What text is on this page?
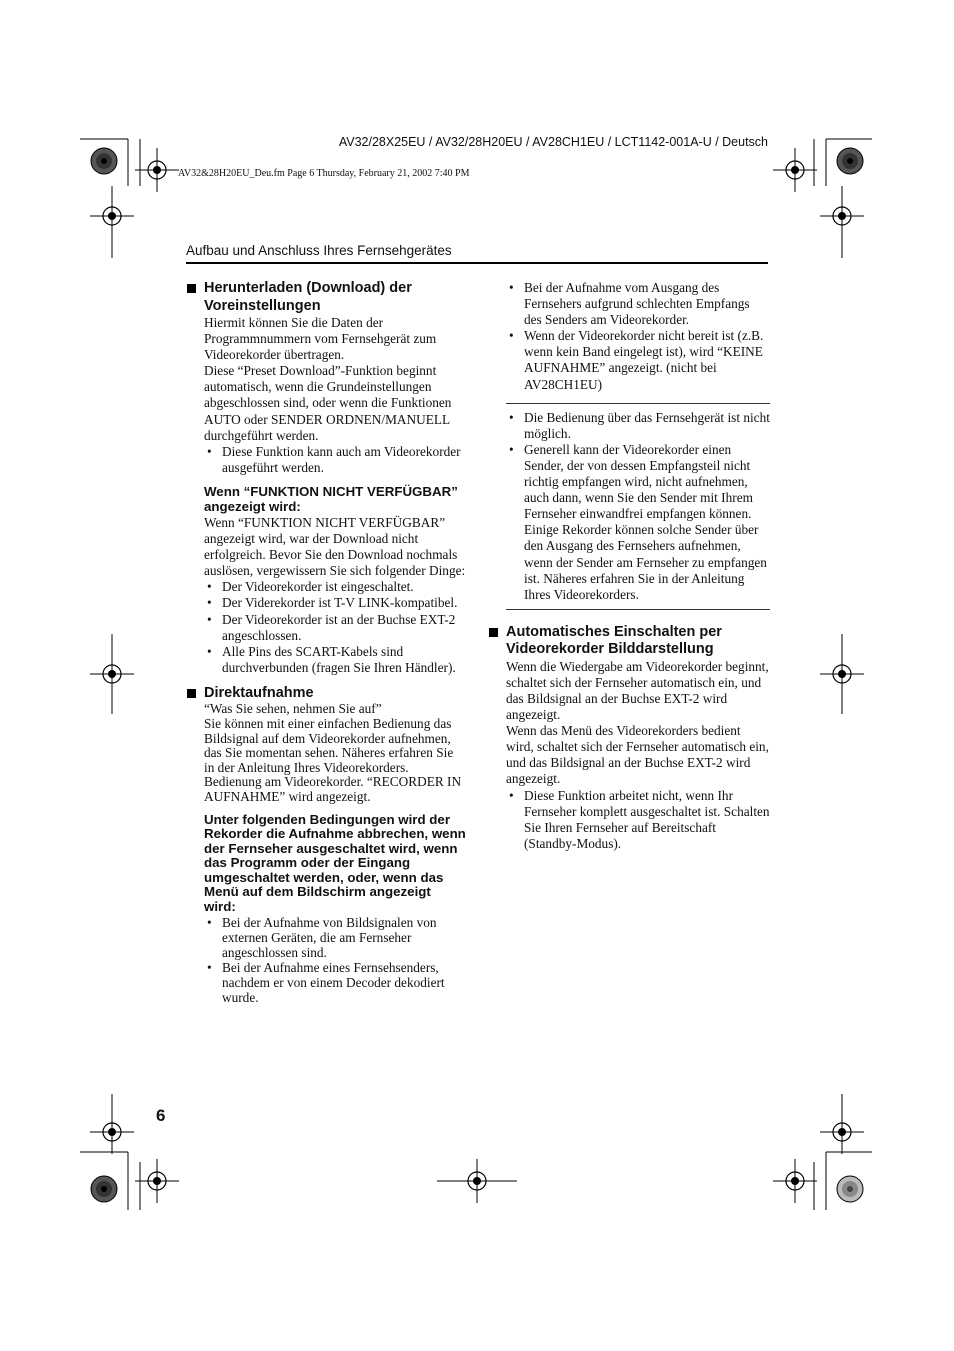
AV32/28X25EU / AV32/28H20EU / AV28CH1EU / LCT1142-001A-U / Deutsch
AV32&28H20EU_Deu.fm Page 6 Thursday, February 21, 2002 7:40 PM
Aufbau und Anschluss Ihres Fernsehgerätes
Herunterladen (Download) der Voreinstellungen

Hiermit können Sie die Daten der Programmnummern vom Fernsehgerät zum Videorekorder übertragen.
Diese “Preset Download”-Funktion beginnt automatisch, wenn die Grundeinstellungen abgeschlossen sind, oder wenn die Funktionen AUTO oder SENDER ORDNEN/MANUELL durchgeführt werden.

• Diese Funktion kann auch am Videorekorder ausgeführt werden.
Wenn “FUNKTION NICHT VERFÜGBAR” angezeigt wird:

Wenn “FUNKTION NICHT VERFÜGBAR” angezeigt wird, war der Download nicht erfolgreich. Bevor Sie den Download nochmals auslösen, vergewissern Sie sich folgender Dinge:

• Der Videorekorder ist eingeschaltet.
• Der Viderekorder ist T-V LINK-kompatibel.
• Der Videorekorder ist an der Buchse EXT-2 angeschlossen.
• Alle Pins des SCART-Kabels sind durchverbunden (fragen Sie Ihren Händler).
Direktaufnahme

“Was Sie sehen, nehmen Sie auf”
Sie können mit einer einfachen Bedienung das Bildsignal auf dem Videorekorder aufnehmen, das Sie momentan sehen. Näheres erfahren Sie in der Anleitung Ihres Videorekorders. Bedienung am Videorekorder. “RECORDER IN AUFNAHME” wird angezeigt.

Unter folgenden Bedingungen wird der Rekorder die Aufnahme abbrechen, wenn der Fernseher ausgeschaltet wird, wenn das Programm oder der Eingang umgeschaltet werden, oder, wenn das Menü auf dem Bildschirm angezeigt wird:
• Bei der Aufnahme von Bildsignalen von externen Geräten, die am Fernseher angeschlossen sind.
• Bei der Aufnahme eines Fernsehsenders, nachdem er von einem Decoder dekodiert wurde.
• Bei der Aufnahme vom Ausgang des Fernsehers aufgrund schlechten Empfangs des Senders am Videorekorder.
• Wenn der Videorekorder nicht bereit ist (z.B. wenn kein Band eingelegt ist), wird “KEINE AUFNAHME” angezeigt. (nicht bei AV28CH1EU)
• Die Bedienung über das Fernsehgerät ist nicht möglich.
• Generell kann der Videorekorder einen Sender, der von dessen Empfangsteil nicht richtig empfangen wird, nicht aufnehmen, auch dann, wenn Sie den Sender mit Ihrem Fernseher einwandfrei empfangen können. Einige Rekorder können solche Sender über den Ausgang des Fernsehers aufnehmen, wenn der Sender am Fernseher zu empfangen ist. Näheres erfahren Sie in der Anleitung Ihres Videorekorders.
Automatisches Einschalten per Videorekorder Bilddarstellung

Wenn die Wiedergabe am Videorekorder beginnt, schaltet sich der Fernseher automatisch ein, und das Bildsignal an der Buchse EXT-2 wird angezeigt.
Wenn das Menü des Videorekorders bedient wird, schaltet sich der Fernseher automatisch ein, und das Bildsignal an der Buchse EXT-2 wird angezeigt.

• Diese Funktion arbeitet nicht, wenn Ihr Fernseher komplett ausgeschaltet ist. Schalten Sie Ihren Fernseher auf Bereitschaft (Standby-Modus).
6
